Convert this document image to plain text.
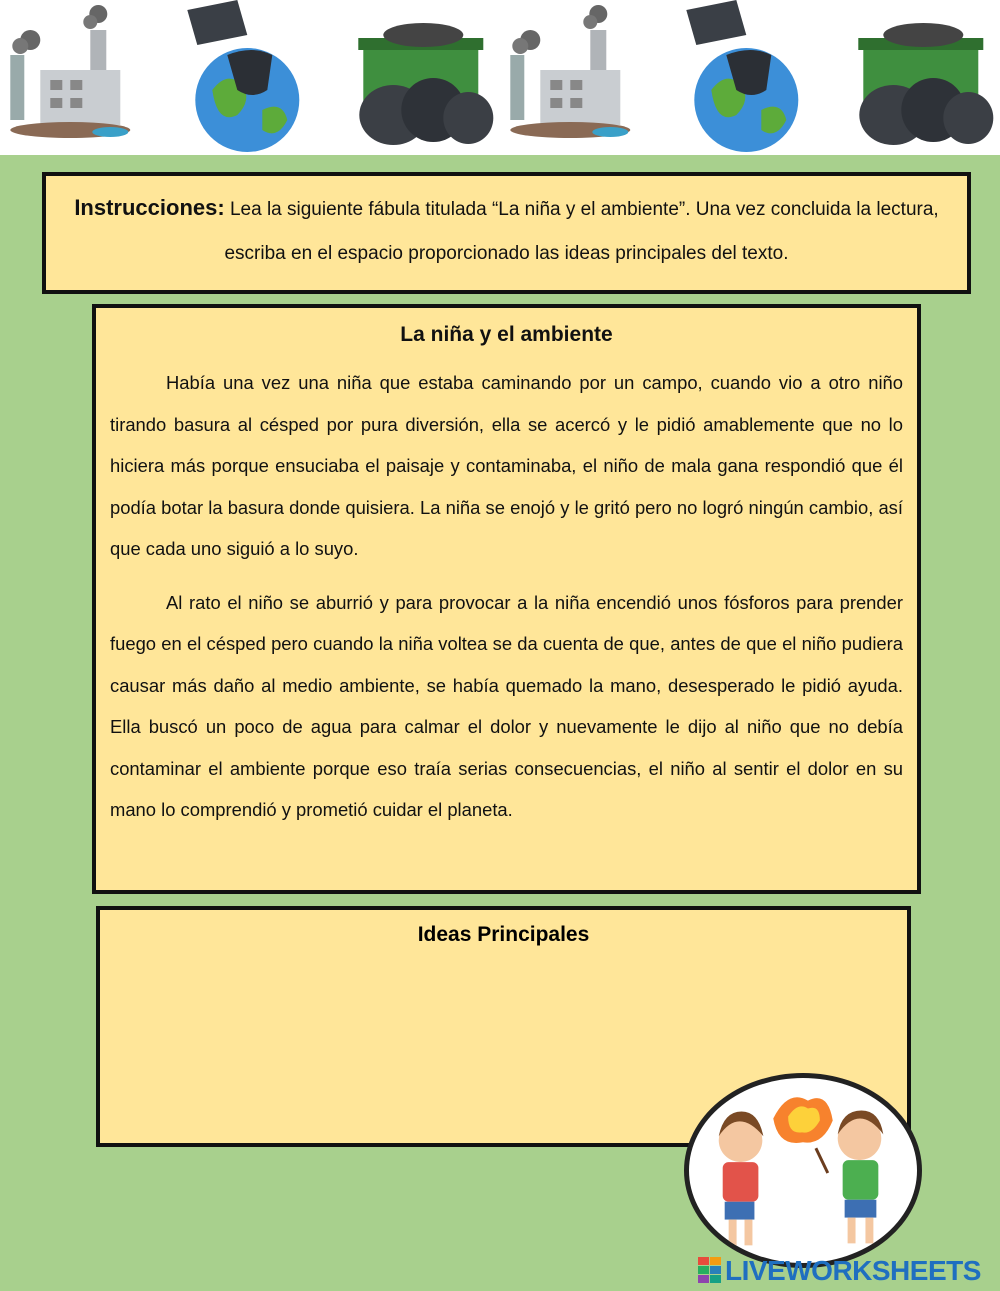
Instrucciones: Lea la siguiente fábula titulada “La niña y el ambiente”. Una vez concluida la lectura, escriba en el espacio proporcionado las ideas principales del texto.
La niña y el ambiente

Había una vez una niña que estaba caminando por un campo, cuando vio a otro niño tirando basura al césped por pura diversión, ella se acercó y le pidió amablemente que no lo hiciera más porque ensuciaba el paisaje y contaminaba, el niño de mala gana respondió que él podía botar la basura donde quisiera. La niña se enojó y le gritó pero no logró ningún cambio, así que cada uno siguió a lo suyo.

Al rato el niño se aburrió y para provocar a la niña encendió unos fósforos para prender fuego en el césped pero cuando la niña voltea se da cuenta de que, antes de que el niño pudiera causar más daño al medio ambiente, se había quemado la mano, desesperado le pidió ayuda. Ella buscó un poco de agua para calmar el dolor y nuevamente le dijo al niño que no debía contaminar el ambiente porque eso traía serias consecuencias, el niño al sentir el dolor en su mano lo comprendió y prometió cuidar el planeta.

Ideas Principales
LIVEWORKSHEETS
